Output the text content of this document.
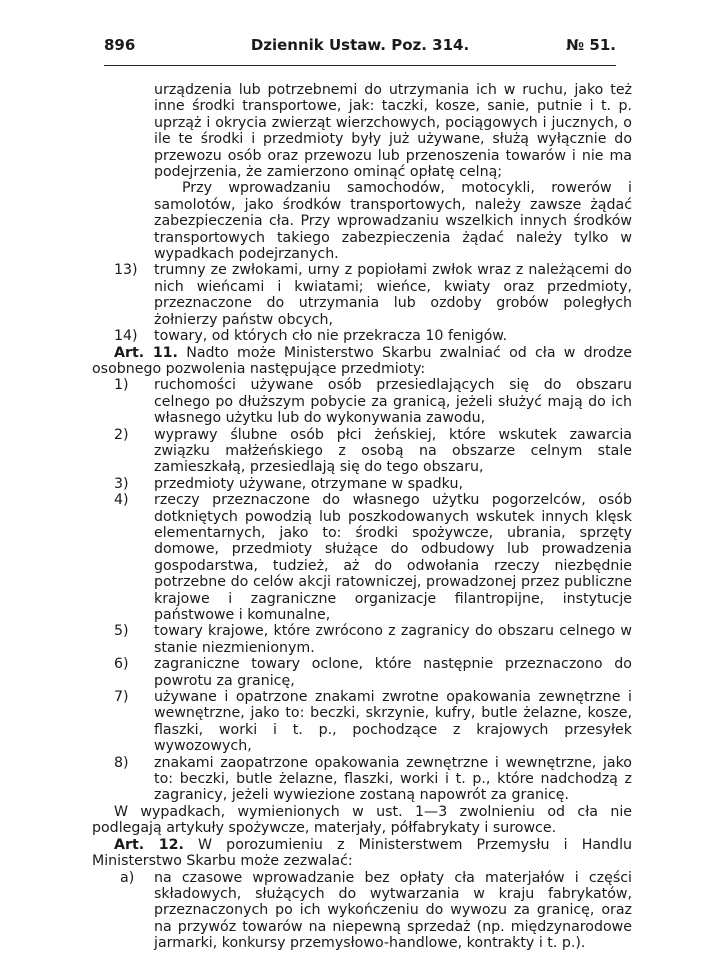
896	Dziennik Ustaw. Poz. 314.	№ 51.

urządzenia lub potrzebnemi do utrzymania ich w ruchu, jako też inne środki transportowe, jak: taczki, kosze, sanie, putnie i t. p. uprząż i okrycia zwierząt wierzchowych, pociągowych i jucznych, o ile te środki i przedmioty były już używane, służą wyłącznie do przewozu osób oraz przewozu lub przenoszenia towarów i nie ma podejrzenia, że zamierzono ominąć opłatę celną;

Przy wprowadzaniu samochodów, motocykli, rowerów i samolotów, jako środków transportowych, należy zawsze żądać zabezpieczenia cła. Przy wprowadzaniu wszelkich innych środków transportowych takiego zabezpieczenia żądać należy tylko w wypadkach podejrzanych.

13)	trumny ze zwłokami, urny z popiołami zwłok wraz z należącemi do nich wieńcami i kwiatami; wieńce, kwiaty oraz przedmioty, przeznaczone do utrzymania lub ozdoby grobów poległych żołnierzy państw obcych,
14)	towary, od których cło nie przekracza 10 fenigów.

Art. 11. Nadto może Ministerstwo Skarbu zwalniać od cła w drodze osobnego pozwolenia następujące przedmioty:

1)	ruchomości używane osób przesiedlających się do obszaru celnego po dłuższym pobycie za granicą, jeżeli służyć mają do ich własnego użytku lub do wykonywania zawodu,
2)	wyprawy ślubne osób płci żeńskiej, które wskutek zawarcia związku małżeńskiego z osobą na obszarze celnym stale zamieszkałą, przesiedlają się do tego obszaru,
3)	przedmioty używane, otrzymane w spadku,
4)	rzeczy przeznaczone do własnego użytku pogorzelców, osób dotkniętych powodzią lub poszkodowanych wskutek innych klęsk elementarnych, jako to: środki spożywcze, ubrania, sprzęty domowe, przedmioty służące do odbudowy lub prowadzenia gospodarstwa, tudzież, aż do odwołania rzeczy niezbędnie potrzebne do celów akcji ratowniczej, prowadzonej przez publiczne krajowe i zagraniczne organizacje filantropijne, instytucje państwowe i komunalne,
5)	towary krajowe, które zwrócono z zagranicy do obszaru celnego w stanie niezmienionym.
6)	zagraniczne towary oclone, które następnie przeznaczono do powrotu za granicę,
7)	używane i opatrzone znakami zwrotne opakowania zewnętrzne i wewnętrzne, jako to: beczki, skrzynie, kufry, butle żelazne, kosze, flaszki, worki i t. p., pochodzące z krajowych przesyłek wywozowych,
8)	znakami zaopatrzone opakowania zewnętrzne i wewnętrzne, jako to: beczki, butle żelazne, flaszki, worki i t. p., które nadchodzą z zagranicy, jeżeli wywiezione zostaną napowrót za granicę.

W wypadkach, wymienionych w ust. 1—3 zwolnieniu od cła nie podlegają artykuły spożywcze, materjały, półfabrykaty i surowce.

Art. 12. W porozumieniu z Ministerstwem Przemysłu i Handlu Ministerstwo Skarbu może zezwalać:

a) na czasowe wprowadzanie bez opłaty cła materjałów i części składowych, służących do wytwarzania w kraju fabrykatów, przeznaczonych po ich wykończeniu do wywozu za granicę, oraz na przywóz towarów na niepewną sprzedaż (np. międzynarodowe jarmarki, konkursy przemysłowo-handlowe, kontrakty i t. p.).
